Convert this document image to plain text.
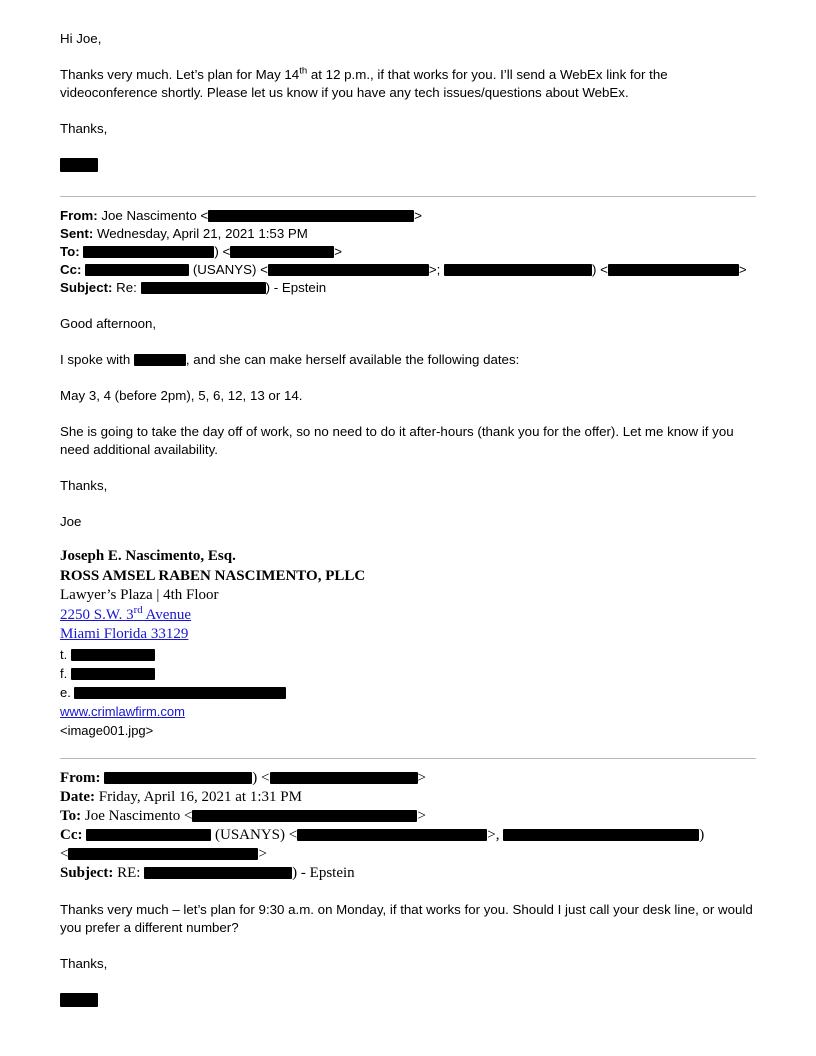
Hi Joe,

Thanks very much. Let’s plan for May 14th at 12 p.m., if that works for you. I’ll send a WebEx link for the videoconference shortly. Please let us know if you have any tech issues/questions about WebEx.

Thanks,

From: Joe Nascimento <	>
Sent: Wednesday, April 21, 2021 1:53 PM
To:	) <	>
Cc:	(USANYS) <	>;	) <	>
Subject: Re:	) - Epstein

Good afternoon,

I spoke with	, and she can make herself available the following dates:

May 3, 4 (before 2pm), 5, 6, 12, 13 or 14.

She is going to take the day off of work, so no need to do it after-hours (thank you for the offer). Let me know if you need additional availability.

Thanks,

Joe

Joseph E. Nascimento, Esq.
ROSS AMSEL RABEN NASCIMENTO, PLLC
Lawyer’s Plaza | 4th Floor
2250 S.W. 3rd Avenue
Miami Florida 33129
t.
f.
e.
www.crimlawfirm.com
<image001.jpg>
From:	) <	>
Date: Friday, April 16, 2021 at 1:31 PM
To: Joe Nascimento <	>
Cc:	(USANYS) <	>,	)
<	>
Subject: RE:	) - Epstein

Thanks very much – let’s plan for 9:30 a.m. on Monday, if that works for you. Should I just call your desk line, or would you prefer a different number?

Thanks,
